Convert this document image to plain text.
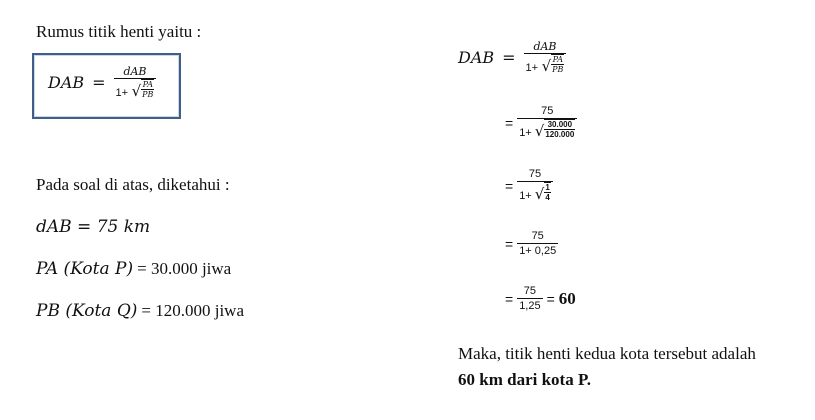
Rumus titik henti yaitu :
DAB =
dAB
1+ √ $\frac{PA}{PB}$
Pada soal di atas, diketahui :
dAB = 75 km
PA (Kota P) = 30.000 jiwa
PB (Kota Q) = 120.000 jiwa
DAB =
dAB
1+ √ $\frac{PA}{PB}$
=
75
1+ √ $\frac{30.000}{120.000}$
=
75
1+ √ $\frac{1}{4}$
= $\frac{75}{1+ 0,25}$
= $\frac{75}{1,25} = 60$
Maka, titik henti kedua kota tersebut adalah
60 km dari kota P.
